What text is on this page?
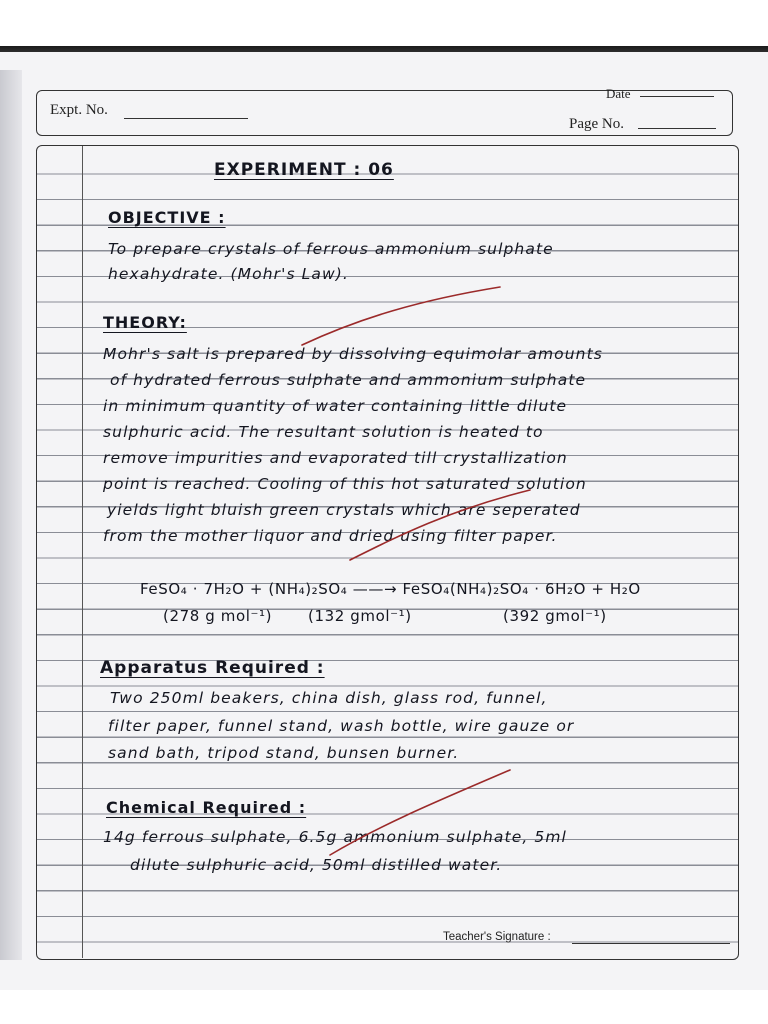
Date
Expt. No.
Page No.
EXPERIMENT : 06
OBJECTIVE :
To prepare crystals of ferrous ammonium sulphate
hexahydrate. (Mohr's Law).
THEORY:
Mohr's salt is prepared by dissolving equimolar amounts
of hydrated ferrous sulphate and ammonium sulphate
in minimum quantity of water containing little dilute
sulphuric acid. The resultant solution is heated to
remove impurities and evaporated till crystallization
point is reached. Cooling of this hot saturated solution
yields light bluish green crystals which are seperated
from the mother liquor and dried using filter paper.
FeSO₄ · 7H₂O + (NH₄)₂SO₄ ——→ FeSO₄(NH₄)₂SO₄ · 6H₂O + H₂O
(278 g mol⁻¹) (132 gmol⁻¹)	(392 gmol⁻¹)
Apparatus Required :
Two 250ml beakers, china dish, glass rod, funnel,
filter paper, funnel stand, wash bottle, wire gauze or
sand bath, tripod stand, bunsen burner.
Chemical Required :
14g ferrous sulphate, 6.5g ammonium sulphate, 5ml
dilute sulphuric acid, 50ml distilled water.
Teacher's Signature :
